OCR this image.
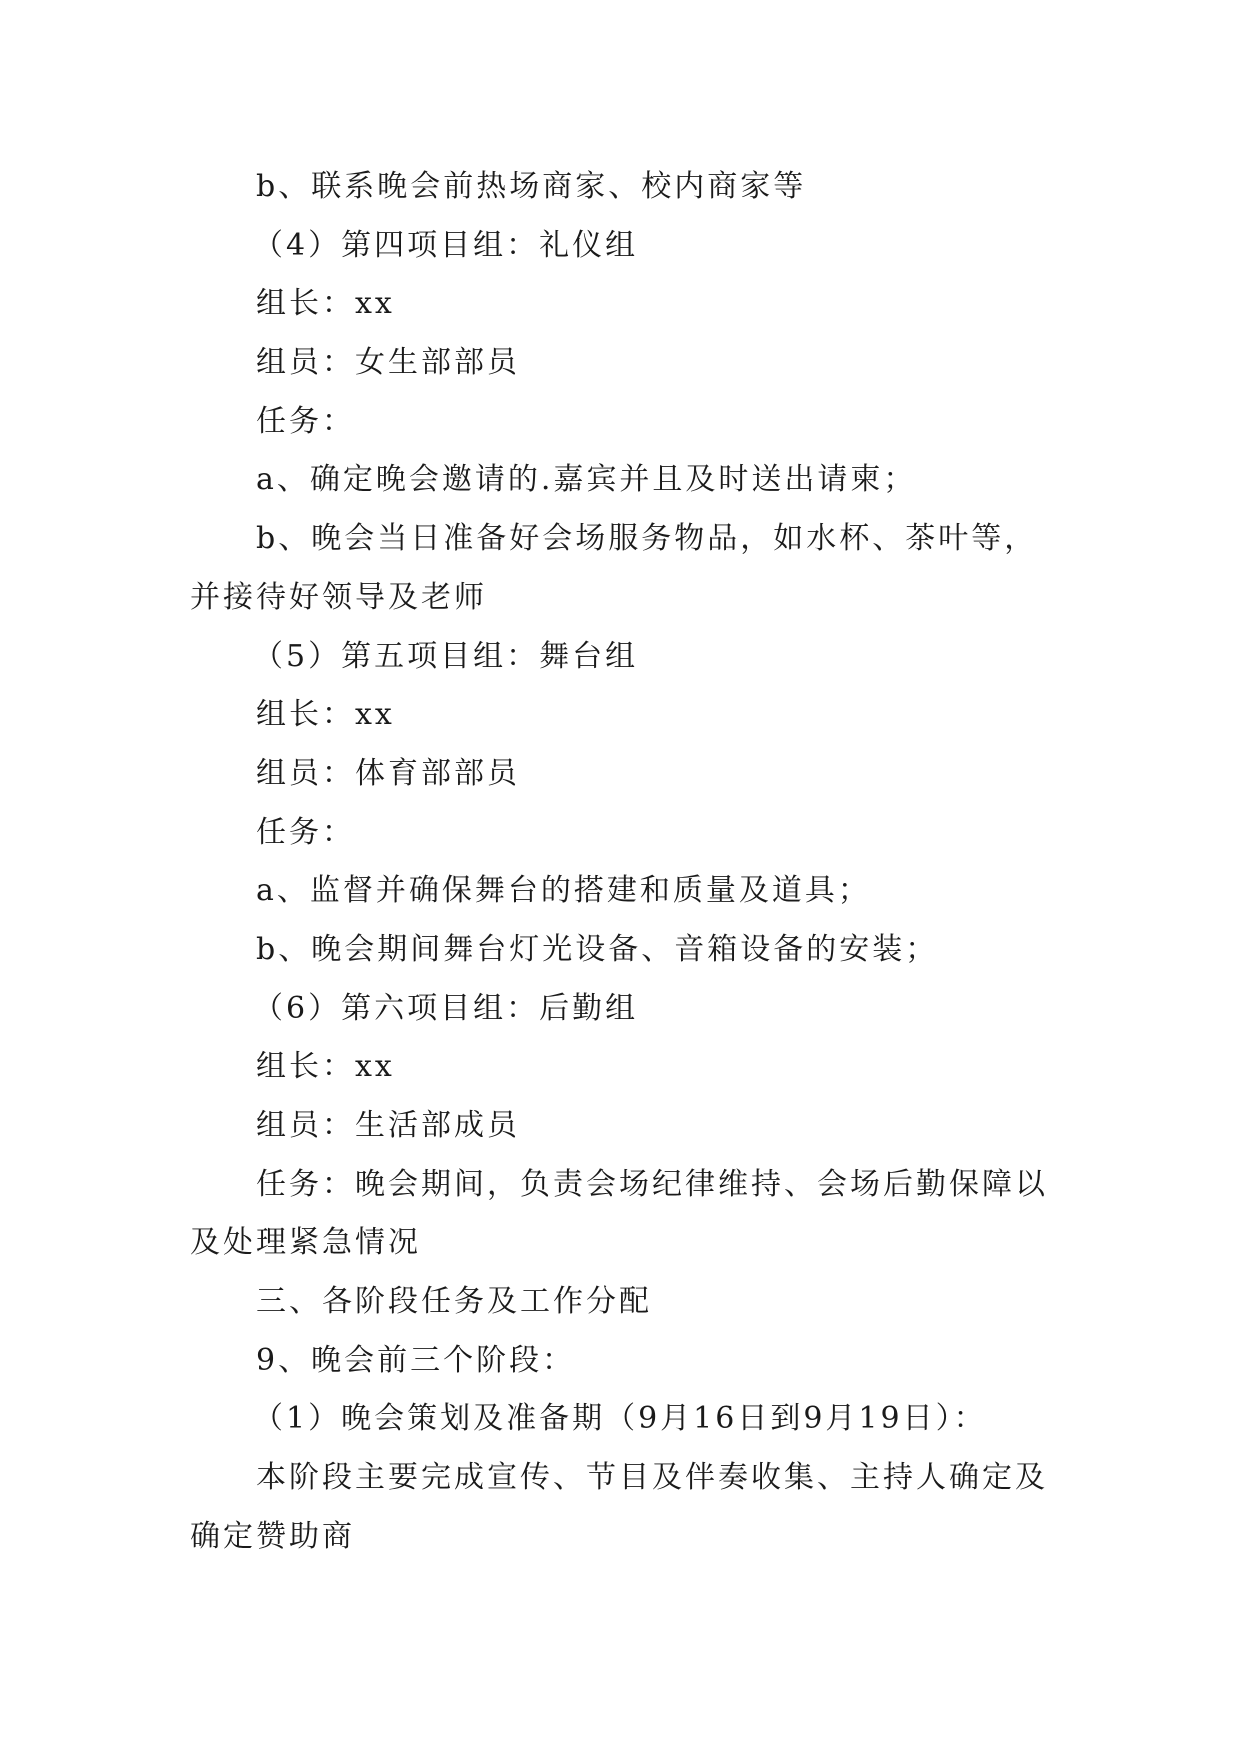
b、联系晚会前热场商家、校内商家等
（4）第四项目组：礼仪组
组长：xx
组员：女生部部员
任务：
a、确定晚会邀请的.嘉宾并且及时送出请柬；
b、晚会当日准备好会场服务物品，如水杯、茶叶等，
并接待好领导及老师
（5）第五项目组：舞台组
组长：xx
组员：体育部部员
任务：
a、监督并确保舞台的搭建和质量及道具；
b、晚会期间舞台灯光设备、音箱设备的安装；
（6）第六项目组：后勤组
组长：xx
组员：生活部成员
任务：晚会期间，负责会场纪律维持、会场后勤保障以
及处理紧急情况
三、各阶段任务及工作分配
9、晚会前三个阶段：
（1）晚会策划及准备期（9月16日到9月19日）：
本阶段主要完成宣传、节目及伴奏收集、主持人确定及
确定赞助商
